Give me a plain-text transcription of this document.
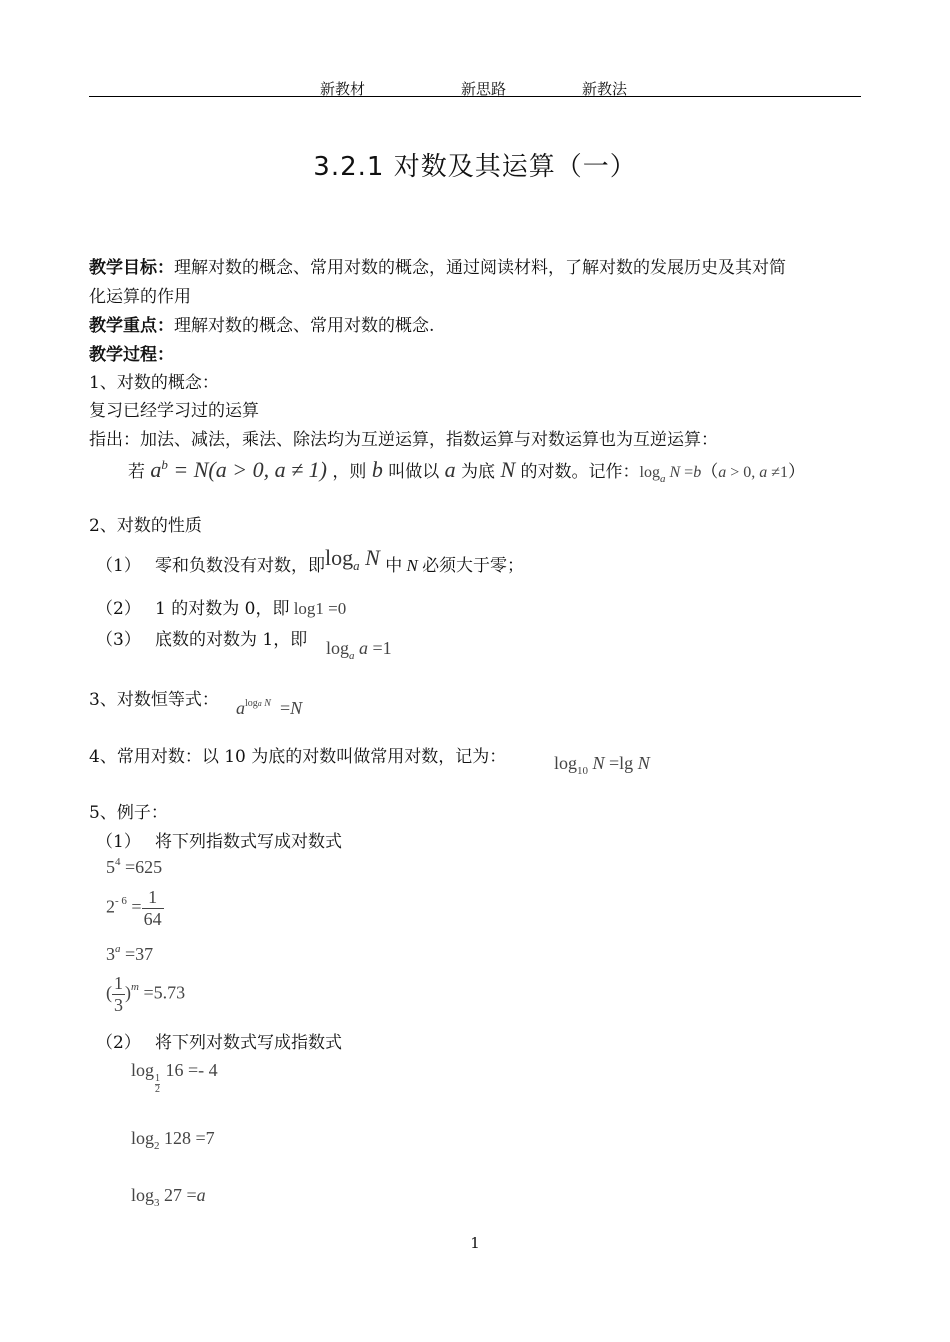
新教材	新思路	新教法
3.2.1 对数及其运算（一）
教学目标：理解对数的概念、常用对数的概念，通过阅读材料，了解对数的发展历史及其对简
化运算的作用
教学重点：理解对数的概念、常用对数的概念.
教学过程：
1、对数的概念：
复习已经学习过的运算
指出：加法、减法，乘法、除法均为互逆运算，指数运算与对数运算也为互逆运算：
若 $a^b = N(a > 0$, a ≠ 1) ，则 b 叫做以 a 为底 N 的对数。记作：$\log_a N =b(a > 0$, a ≠1）
2、对数的性质
（1） 零和负数没有对数，即$\log_a N$ 中 N 必须大于零；
（2） 1 的对数为 0，即 log1 =0
（3） 底数的对数为 1，即 $\log_a a =1$
3、对数恒等式： $a^{loga N} =N$
4、常用对数：以 10 为底的对数叫做常用对数，记为：	$\log_{10} N =\lg$ N
5、例子：
（1） 将下列指数式写成对数式
$5^4 =625$
$2^{- 6} = \frac{1}{64}$
$3^a =37$
( $\frac{1}{3} )^m =5.73$
（2） 将下列对数式写成指数式
log
$\frac{1}{2}$
16 =- 4
$\log_2 128 =7$
$\log_3 27 =a$
1
